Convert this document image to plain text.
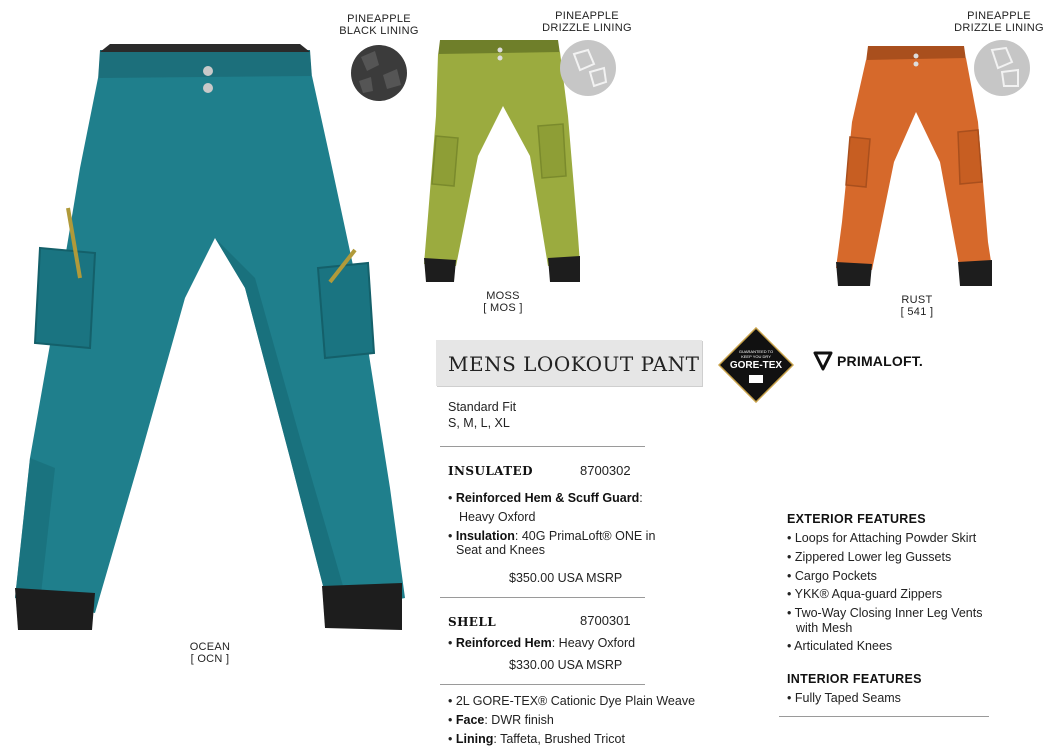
PINEAPPLE
BLACK LINING
PINEAPPLE
DRIZZLE LINING
PINEAPPLE
DRIZZLE LINING
OCEAN
[ OCN ]
MOSS
[ MOS ]
RUST
[ 541 ]
MENS LOOKOUT PANT
GUARANTEED TO KEEP YOU DRY
GORE-TEX	PRIMALOFT.
Standard Fit
S, M, L, XL
INSULATED	8700302
• Reinforced Hem & Scuff Guard:
Heavy Oxford
• Insulation: 40G PrimaLoft® ONE in
Seat and Knees
$350.00 USA MSRP
SHELL	8700301
• Reinforced Hem: Heavy Oxford
$330.00 USA MSRP
• 2L GORE-TEX® Cationic Dye Plain Weave
• Face: DWR finish
• Lining: Taffeta, Brushed Tricot
EXTERIOR FEATURES
• Loops for Attaching Powder Skirt
• Zippered Lower leg Gussets
• Cargo Pockets
• YKK® Aqua-guard Zippers
• Two-Way Closing Inner Leg Vents
with Mesh
• Articulated Knees
INTERIOR FEATURES
• Fully Taped Seams
